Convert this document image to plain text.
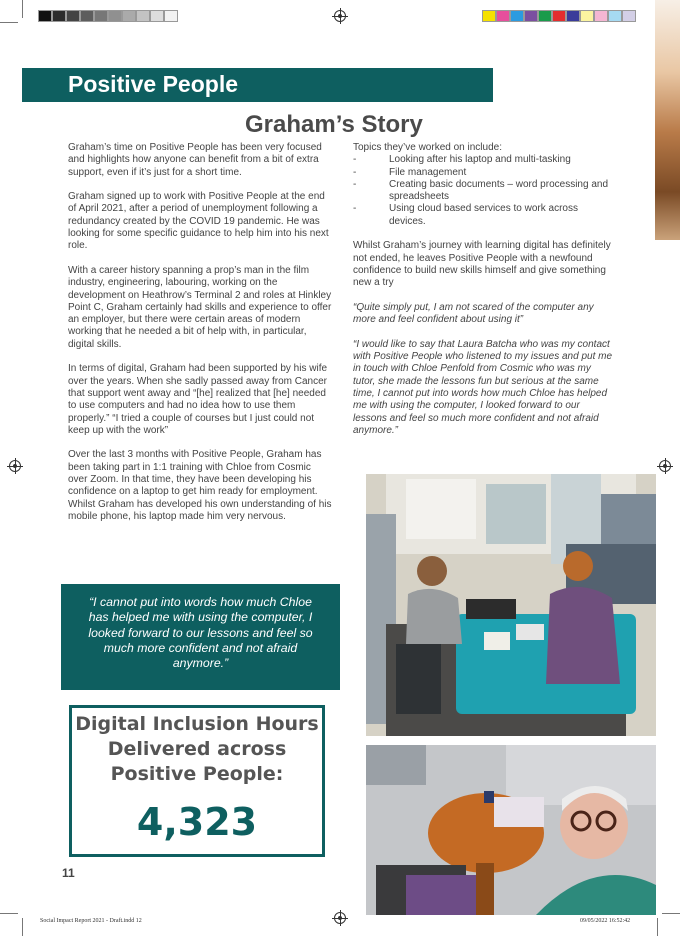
Positive People
Graham’s Story

Graham’s time on Positive People has been very focused and highlights how anyone can benefit from a bit of extra support, even if it’s just for a short time.

Graham signed up to work with Positive People at the end of April 2021, after a period of unemployment following a redundancy created by the COVID 19 pandemic. He was looking for some specific guidance to help him into his next role.

With a career history spanning a prop’s man in the film industry, engineering, labouring, working on the development on Heathrow’s Terminal 2 and roles at Hinkley Point C, Graham certainly had skills and experience to offer an employer, but there were certain areas of modern working that he needed a bit of help with, in particular, digital skills.

In terms of digital, Graham had been supported by his wife over the years. When she sadly passed away from Cancer that support went away and “[he] realized that [he] needed to use computers and had no idea how to use them properly.” “I tried a couple of courses but I just could not keep up with the work”

Over the last 3 months with Positive People, Graham has been taking part in 1:1 training with Chloe from Cosmic over Zoom. In that time, they have been developing his confidence on a laptop to get him ready for employment. Whilst Graham has developed his own understanding of his mobile phone, his laptop made him very nervous.

Topics they’ve worked on include:
- Looking after his laptop and multi-tasking
- File management
- Creating basic documents – word processing and spreadsheets
- Using cloud based services to work across devices.

Whilst Graham’s journey with learning digital has definitely not ended, he leaves Positive People with a newfound confidence to build new skills himself and give something new a try

“Quite simply put, I am not scared of the computer any more and feel confident about using it”

“I would like to say that Laura Batcha who was my contact with Positive People who listened to my issues and put me in touch with Chloe Penfold from Cosmic who was my tutor, she made the lessons fun but serious at the same time, I cannot put into words how much Chloe has helped me with using the computer, I looked forward to our lessons and feel so much more confident and not afraid anymore.”

“I cannot put into words how much Chloe has helped me with using the computer, I looked forward to our lessons and feel so much more confident and not afraid anymore.”
Digital Inclusion Hours Delivered across Positive People:
4,323
11
Social Impact Report 2021 - Draft.indd 12	09/05/2022 16:52:42
